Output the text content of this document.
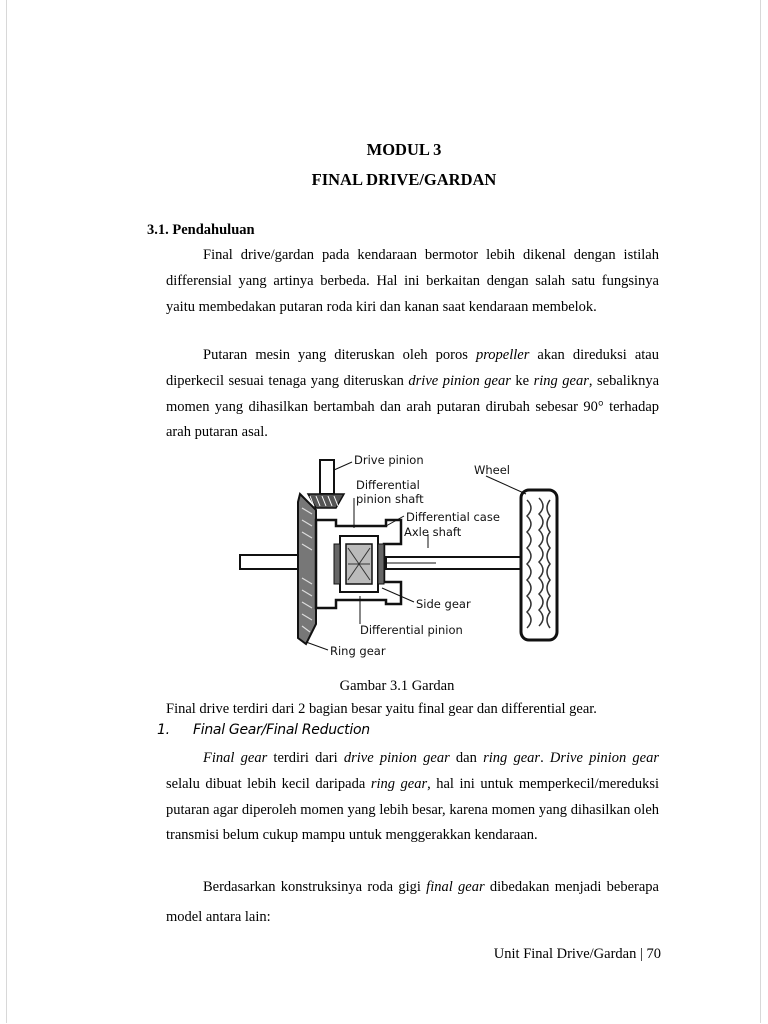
MODUL 3
FINAL DRIVE/GARDAN
3.1. Pendahuluan
Final drive/gardan pada kendaraan bermotor lebih dikenal dengan istilah differensial yang artinya berbeda. Hal ini berkaitan dengan salah satu fungsinya yaitu membedakan putaran roda kiri dan kanan saat kendaraan membelok.
Putaran mesin yang diteruskan oleh poros propeller akan direduksi atau diperkecil sesuai tenaga yang diteruskan drive pinion gear ke ring gear, sebaliknya momen yang dihasilkan bertambah dan arah putaran dirubah sebesar 90° terhadap arah putaran asal.
Drive pinion
Wheel
Differential
pinion shaft
Differential case
Axle shaft
Side gear
Differential pinion
Ring gear
Gambar 3.1 Gardan
Final drive terdiri dari 2 bagian besar yaitu final gear dan differential gear.
1. Final Gear/Final Reduction
Final gear terdiri dari drive pinion gear dan ring gear. Drive pinion gear selalu dibuat lebih kecil daripada ring gear, hal ini untuk memperkecil/mereduksi putaran agar diperoleh momen yang lebih besar, karena momen yang dihasilkan oleh transmisi belum cukup mampu untuk menggerakkan kendaraan.
Berdasarkan konstruksinya roda gigi final gear dibedakan menjadi beberapa model antara lain:
Unit Final Drive/Gardan | 70
